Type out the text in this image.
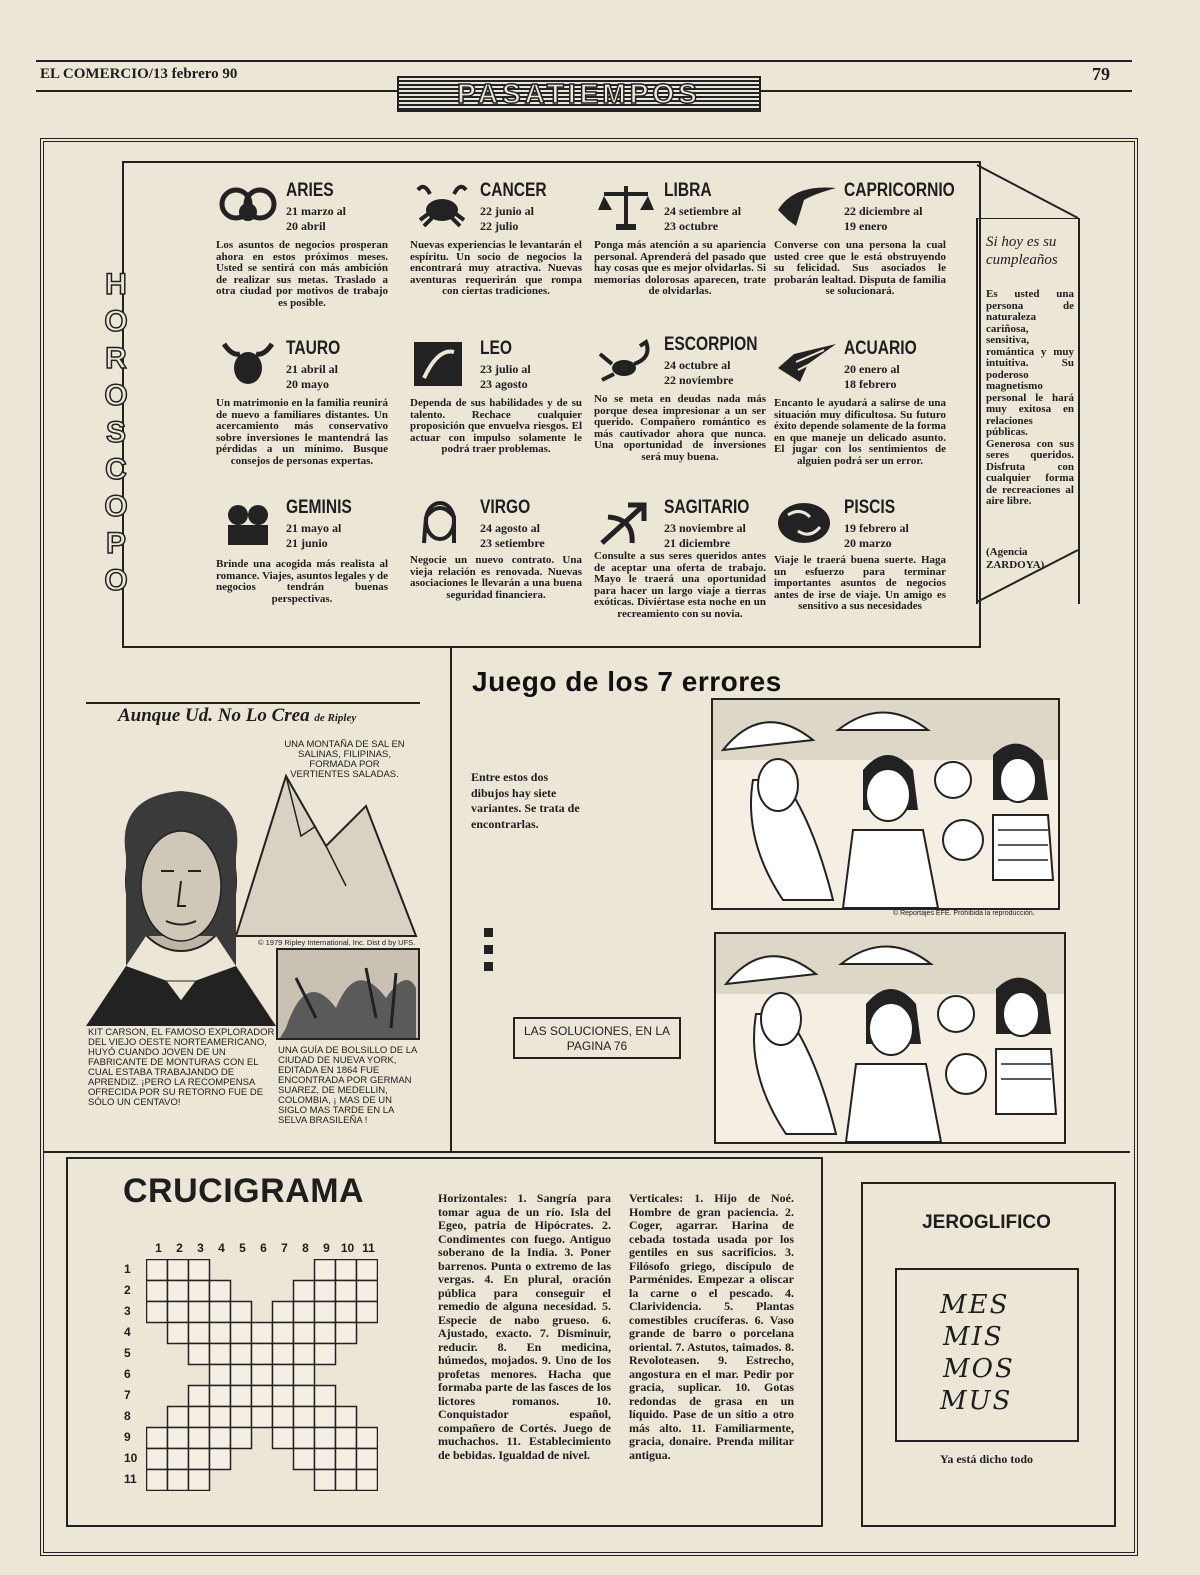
EL COMERCIO/13 febrero 90	79
PASATIEMPOS
H
O
R
O
S
C
O
P
O
ARIES
21 marzo al
20 abril
Los asuntos de negocios prosperan ahora en estos próximos meses. Usted se sentirá con más ambición de realizar sus metas. Traslado a otra ciudad por motivos de trabajo es posible.
CANCER
22 junio al
22 julio
Nuevas experiencias le levantarán el espíritu. Un socio de negocios la encontrará muy atractiva. Nuevas aventuras requerirán que rompa con ciertas tradiciones.
LIBRA
24 setiembre al
23 octubre
Ponga más atención a su apariencia personal. Aprenderá del pasado que hay cosas que es mejor olvidarlas. Si memorias dolorosas aparecen, trate de olvidarlas.
CAPRICORNIO
22 diciembre al
19 enero
Converse con una persona la cual usted cree que le está obstruyendo su felicidad. Sus asociados le probarán lealtad. Disputa de familia se solucionará.
TAURO
21 abril al
20 mayo
Un matrimonio en la familia reunirá de nuevo a familiares distantes. Un acercamiento más conservativo sobre inversiones le mantendrá las pérdidas a un mínimo. Busque consejos de personas expertas.
LEO
23 julio al
23 agosto
Dependa de sus habilidades y de su talento. Rechace cualquier proposición que envuelva riesgos. El actuar con impulso solamente le podrá traer problemas.
ESCORPION
24 octubre al
22 noviembre
No se meta en deudas nada más porque desea impresionar a un ser querido. Compañero romántico es más cautivador ahora que nunca. Una oportunidad de inversiones será muy buena.
ACUARIO
20 enero al
18 febrero
Encanto le ayudará a salirse de una situación muy dificultosa. Su futuro éxito depende solamente de la forma en que maneje un delicado asunto. El jugar con los sentimientos de alguien podrá ser un error.
GEMINIS
21 mayo al
21 junio
Brinde una acogida más realista al romance. Viajes, asuntos legales y de negocios tendrán buenas perspectivas.
VIRGO
24 agosto al
23 setiembre
Negocie un nuevo contrato. Una vieja relación es renovada. Nuevas asociaciones le llevarán a una buena seguridad financiera.
SAGITARIO
23 noviembre al
21 diciembre
Consulte a sus seres queridos antes de aceptar una oferta de trabajo. Mayo le traerá una oportunidad para hacer un largo viaje a tierras exóticas. Diviértase esta noche en un recreamiento con su novia.
PISCIS
19 febrero al
20 marzo
Viaje le traerá buena suerte. Haga un esfuerzo para terminar importantes asuntos de negocios antes de irse de viaje. Un amigo es sensitivo a sus necesidades
Si hoy es su cumpleaños
Es usted una persona de naturaleza cariñosa, sensitiva, romántica y muy intuitiva. Su poderoso magnetismo personal le hará muy exitosa en relaciones públicas. Generosa con sus seres queridos. Disfruta con cualquier forma de recreaciones al aire libre.
(Agencia ZARDOYA)
Aunque Ud. No Lo Crea de Ripley
UNA MONTAÑA DE SAL EN SALINAS, FILIPINAS, FORMADA POR VERTIENTES SALADAS.
© 1979 Ripley International, Inc. Dist d by UFS.
KIT CARSON, EL FAMOSO EXPLORADOR DEL VIEJO OESTE NORTEAMERICANO, HUYÓ CUANDO JOVEN DE UN FABRICANTE DE MONTURAS CON EL CUAL ESTABA TRABAJANDO DE APRENDIZ. ¡PERO LA RECOMPENSA OFRECIDA POR SU RETORNO FUE DE SÓLO UN CENTAVO!
UNA GUÍA DE BOLSILLO DE LA CIUDAD DE NUEVA YORK, EDITADA EN 1864 FUE ENCONTRADA POR GERMAN SUAREZ, DE MEDELLIN, COLOMBIA, ¡ MAS DE UN SIGLO MAS TARDE EN LA SELVA BRASILEÑA !
Juego de los 7 errores
Entre estos dos dibujos hay siete variantes. Se trata de encontrarlas.
LAS SOLUCIONES, EN LA PAGINA 76
© Reportajes EFE. Prohibida la reproducción.
CRUCIGRAMA
1	2	3	4	5	6	7	8	9 10 11
1
2
3
4
5
6
7
8
9
10
11
Horizontales: 1. Sangría para tomar agua de un río. Isla del Egeo, patria de Hipócrates. 2. Condimentes con fuego. Antiguo soberano de la India. 3. Poner barrenos. Punta o extremo de las vergas. 4. En plural, oración pública para conseguir el remedio de alguna necesidad. 5. Especie de nabo grueso. 6. Ajustado, exacto. 7. Disminuir, reducir. 8. En medicina, húmedos, mojados. 9. Uno de los profetas menores. Hacha que formaba parte de las fasces de los lictores romanos. 10. Conquistador español, compañero de Cortés. Juego de muchachos. 11. Establecimiento de bebidas. Igualdad de nivel.
Verticales: 1. Hijo de Noé. Hombre de gran paciencia. 2. Coger, agarrar. Harina de cebada tostada usada por los gentiles en sus sacrificios. 3. Filósofo griego, discípulo de Parménides. Empezar a oliscar la carne o el pescado. 4. Clarividencia. 5. Plantas comestibles crucíferas. 6. Vaso grande de barro o porcelana oriental. 7. Astutos, taimados. 8. Revoloteasen. 9. Estrecho, angostura en el mar. Pedir por gracia, suplicar. 10. Gotas redondas de grasa en un líquido. Pase de un sitio a otro más alto. 11. Familiarmente, gracia, donaire. Prenda militar antigua.
JEROGLIFICO
MES
MIS
MOS
MUS
Ya está dicho todo
